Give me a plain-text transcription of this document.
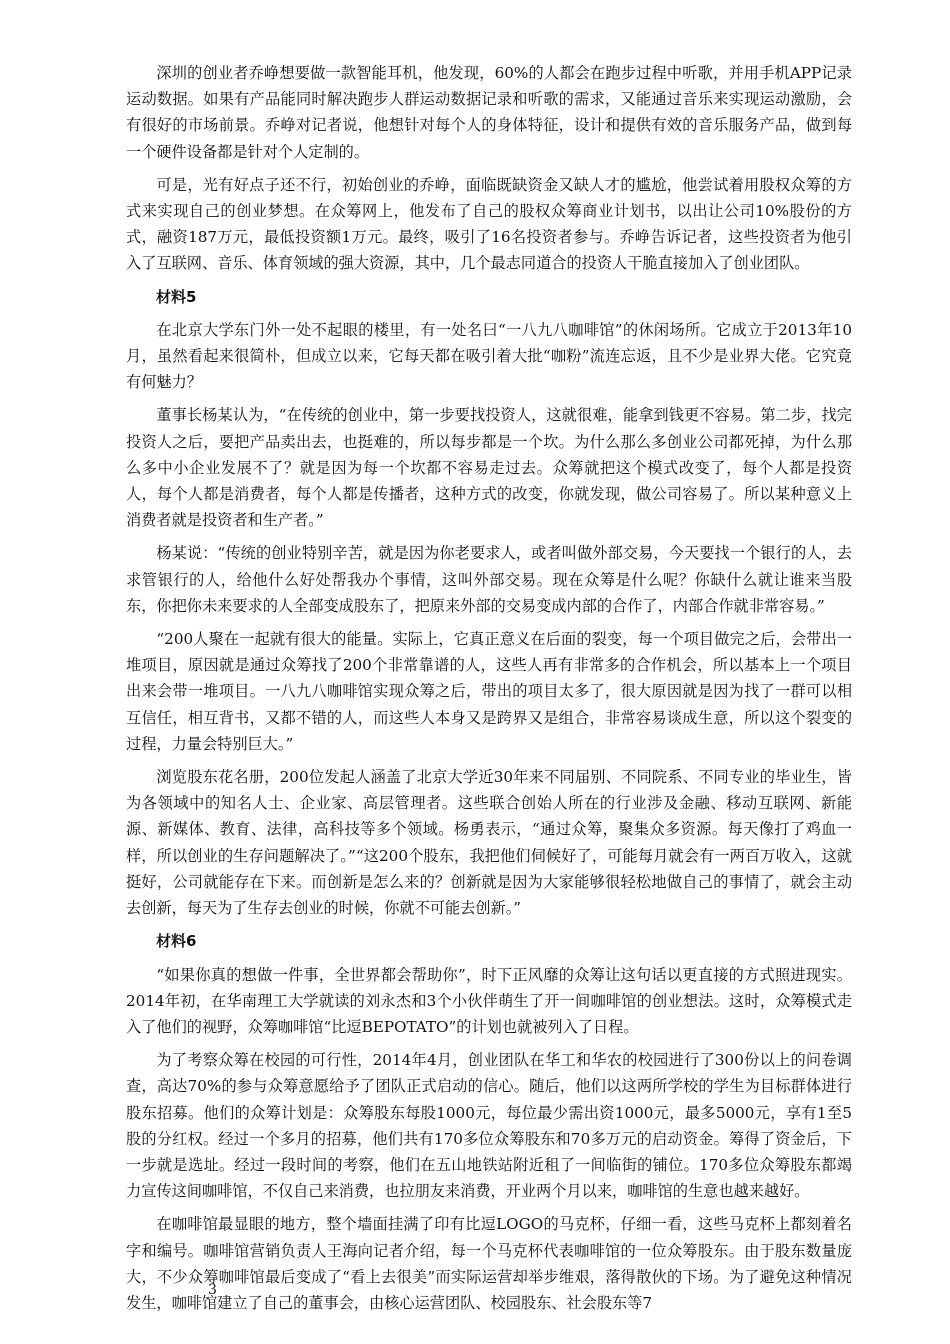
深圳的创业者乔峥想要做一款智能耳机，他发现，60%的人都会在跑步过程中听歌，并用手机APP记录运动数据。如果有产品能同时解决跑步人群运动数据记录和听歌的需求，又能通过音乐来实现运动激励，会有很好的市场前景。乔峥对记者说，他想针对每个人的身体特征，设计和提供有效的音乐服务产品，做到每一个硬件设备都是针对个人定制的。

可是，光有好点子还不行，初始创业的乔峥，面临既缺资金又缺人才的尴尬，他尝试着用股权众筹的方式来实现自己的创业梦想。在众筹网上，他发布了自己的股权众筹商业计划书，以出让公司10%股份的方式，融资187万元，最低投资额1万元。最终，吸引了16名投资者参与。乔峥告诉记者，这些投资者为他引入了互联网、音乐、体育领域的强大资源，其中，几个最志同道合的投资人干脆直接加入了创业团队。

材料5

在北京大学东门外一处不起眼的楼里，有一处名曰“一八九八咖啡馆”的休闲场所。它成立于2013年10月，虽然看起来很简朴，但成立以来，它每天都在吸引着大批“咖粉”流连忘返，且不少是业界大佬。它究竟有何魅力？

董事长杨某认为，“在传统的创业中，第一步要找投资人，这就很难，能拿到钱更不容易。第二步，找完投资人之后，要把产品卖出去，也挺难的，所以每步都是一个坎。为什么那么多创业公司都死掉，为什么那么多中小企业发展不了？就是因为每一个坎都不容易走过去。众筹就把这个模式改变了，每个人都是投资人，每个人都是消费者，每个人都是传播者，这种方式的改变，你就发现，做公司容易了。所以某种意义上消费者就是投资者和生产者。”

杨某说：“传统的创业特别辛苦，就是因为你老要求人，或者叫做外部交易，今天要找一个银行的人，去求管银行的人，给他什么好处帮我办个事情，这叫外部交易。现在众筹是什么呢？你缺什么就让谁来当股东，你把你未来要求的人全部变成股东了，把原来外部的交易变成内部的合作了，内部合作就非常容易。”

“200人聚在一起就有很大的能量。实际上，它真正意义在后面的裂变，每一个项目做完之后，会带出一堆项目，原因就是通过众筹找了200个非常靠谱的人，这些人再有非常多的合作机会，所以基本上一个项目出来会带一堆项目。一八九八咖啡馆实现众筹之后，带出的项目太多了，很大原因就是因为找了一群可以相互信任，相互背书，又都不错的人，而这些人本身又是跨界又是组合，非常容易谈成生意，所以这个裂变的过程，力量会特别巨大。”

浏览股东花名册，200位发起人涵盖了北京大学近30年来不同届别、不同院系、不同专业的毕业生，皆为各领域中的知名人士、企业家、高层管理者。这些联合创始人所在的行业涉及金融、移动互联网、新能源、新媒体、教育、法律，高科技等多个领域。杨勇表示，“通过众筹，聚集众多资源。每天像打了鸡血一样，所以创业的生存问题解决了。”“这200个股东，我把他们伺候好了，可能每月就会有一两百万收入，这就挺好，公司就能存在下来。而创新是怎么来的？创新就是因为大家能够很轻松地做自己的事情了，就会主动去创新，每天为了生存去创业的时候，你就不可能去创新。”

材料6

“如果你真的想做一件事，全世界都会帮助你”，时下正风靡的众筹让这句话以更直接的方式照进现实。2014年初，在华南理工大学就读的刘永杰和3个小伙伴萌生了开一间咖啡馆的创业想法。这时，众筹模式走入了他们的视野，众筹咖啡馆“比逗BEPOTATO”的计划也就被列入了日程。

为了考察众筹在校园的可行性，2014年4月，创业团队在华工和华农的校园进行了300份以上的问卷调查，高达70%的参与众筹意愿给予了团队正式启动的信心。随后，他们以这两所学校的学生为目标群体进行股东招募。他们的众筹计划是：众筹股东每股1000元，每位最少需出资1000元，最多5000元，享有1至5股的分红权。经过一个多月的招募，他们共有170多位众筹股东和70多万元的启动资金。筹得了资金后，下一步就是选址。经过一段时间的考察，他们在五山地铁站附近租了一间临街的铺位。170多位众筹股东都竭力宣传这间咖啡馆，不仅自己来消费，也拉朋友来消费，开业两个月以来，咖啡馆的生意也越来越好。

在咖啡馆最显眼的地方，整个墙面挂满了印有比逗LOGO的马克杯，仔细一看，这些马克杯上都刻着名字和编号。咖啡馆营销负责人王海向记者介绍，每一个马克杯代表咖啡馆的一位众筹股东。由于股东数量庞大，不少众筹咖啡馆最后变成了“看上去很美”而实际运营却举步维艰，落得散伙的下场。为了避免这种情况发生，咖啡馆建立了自己的董事会，由核心运营团队、校园股东、社会股东等7

3
